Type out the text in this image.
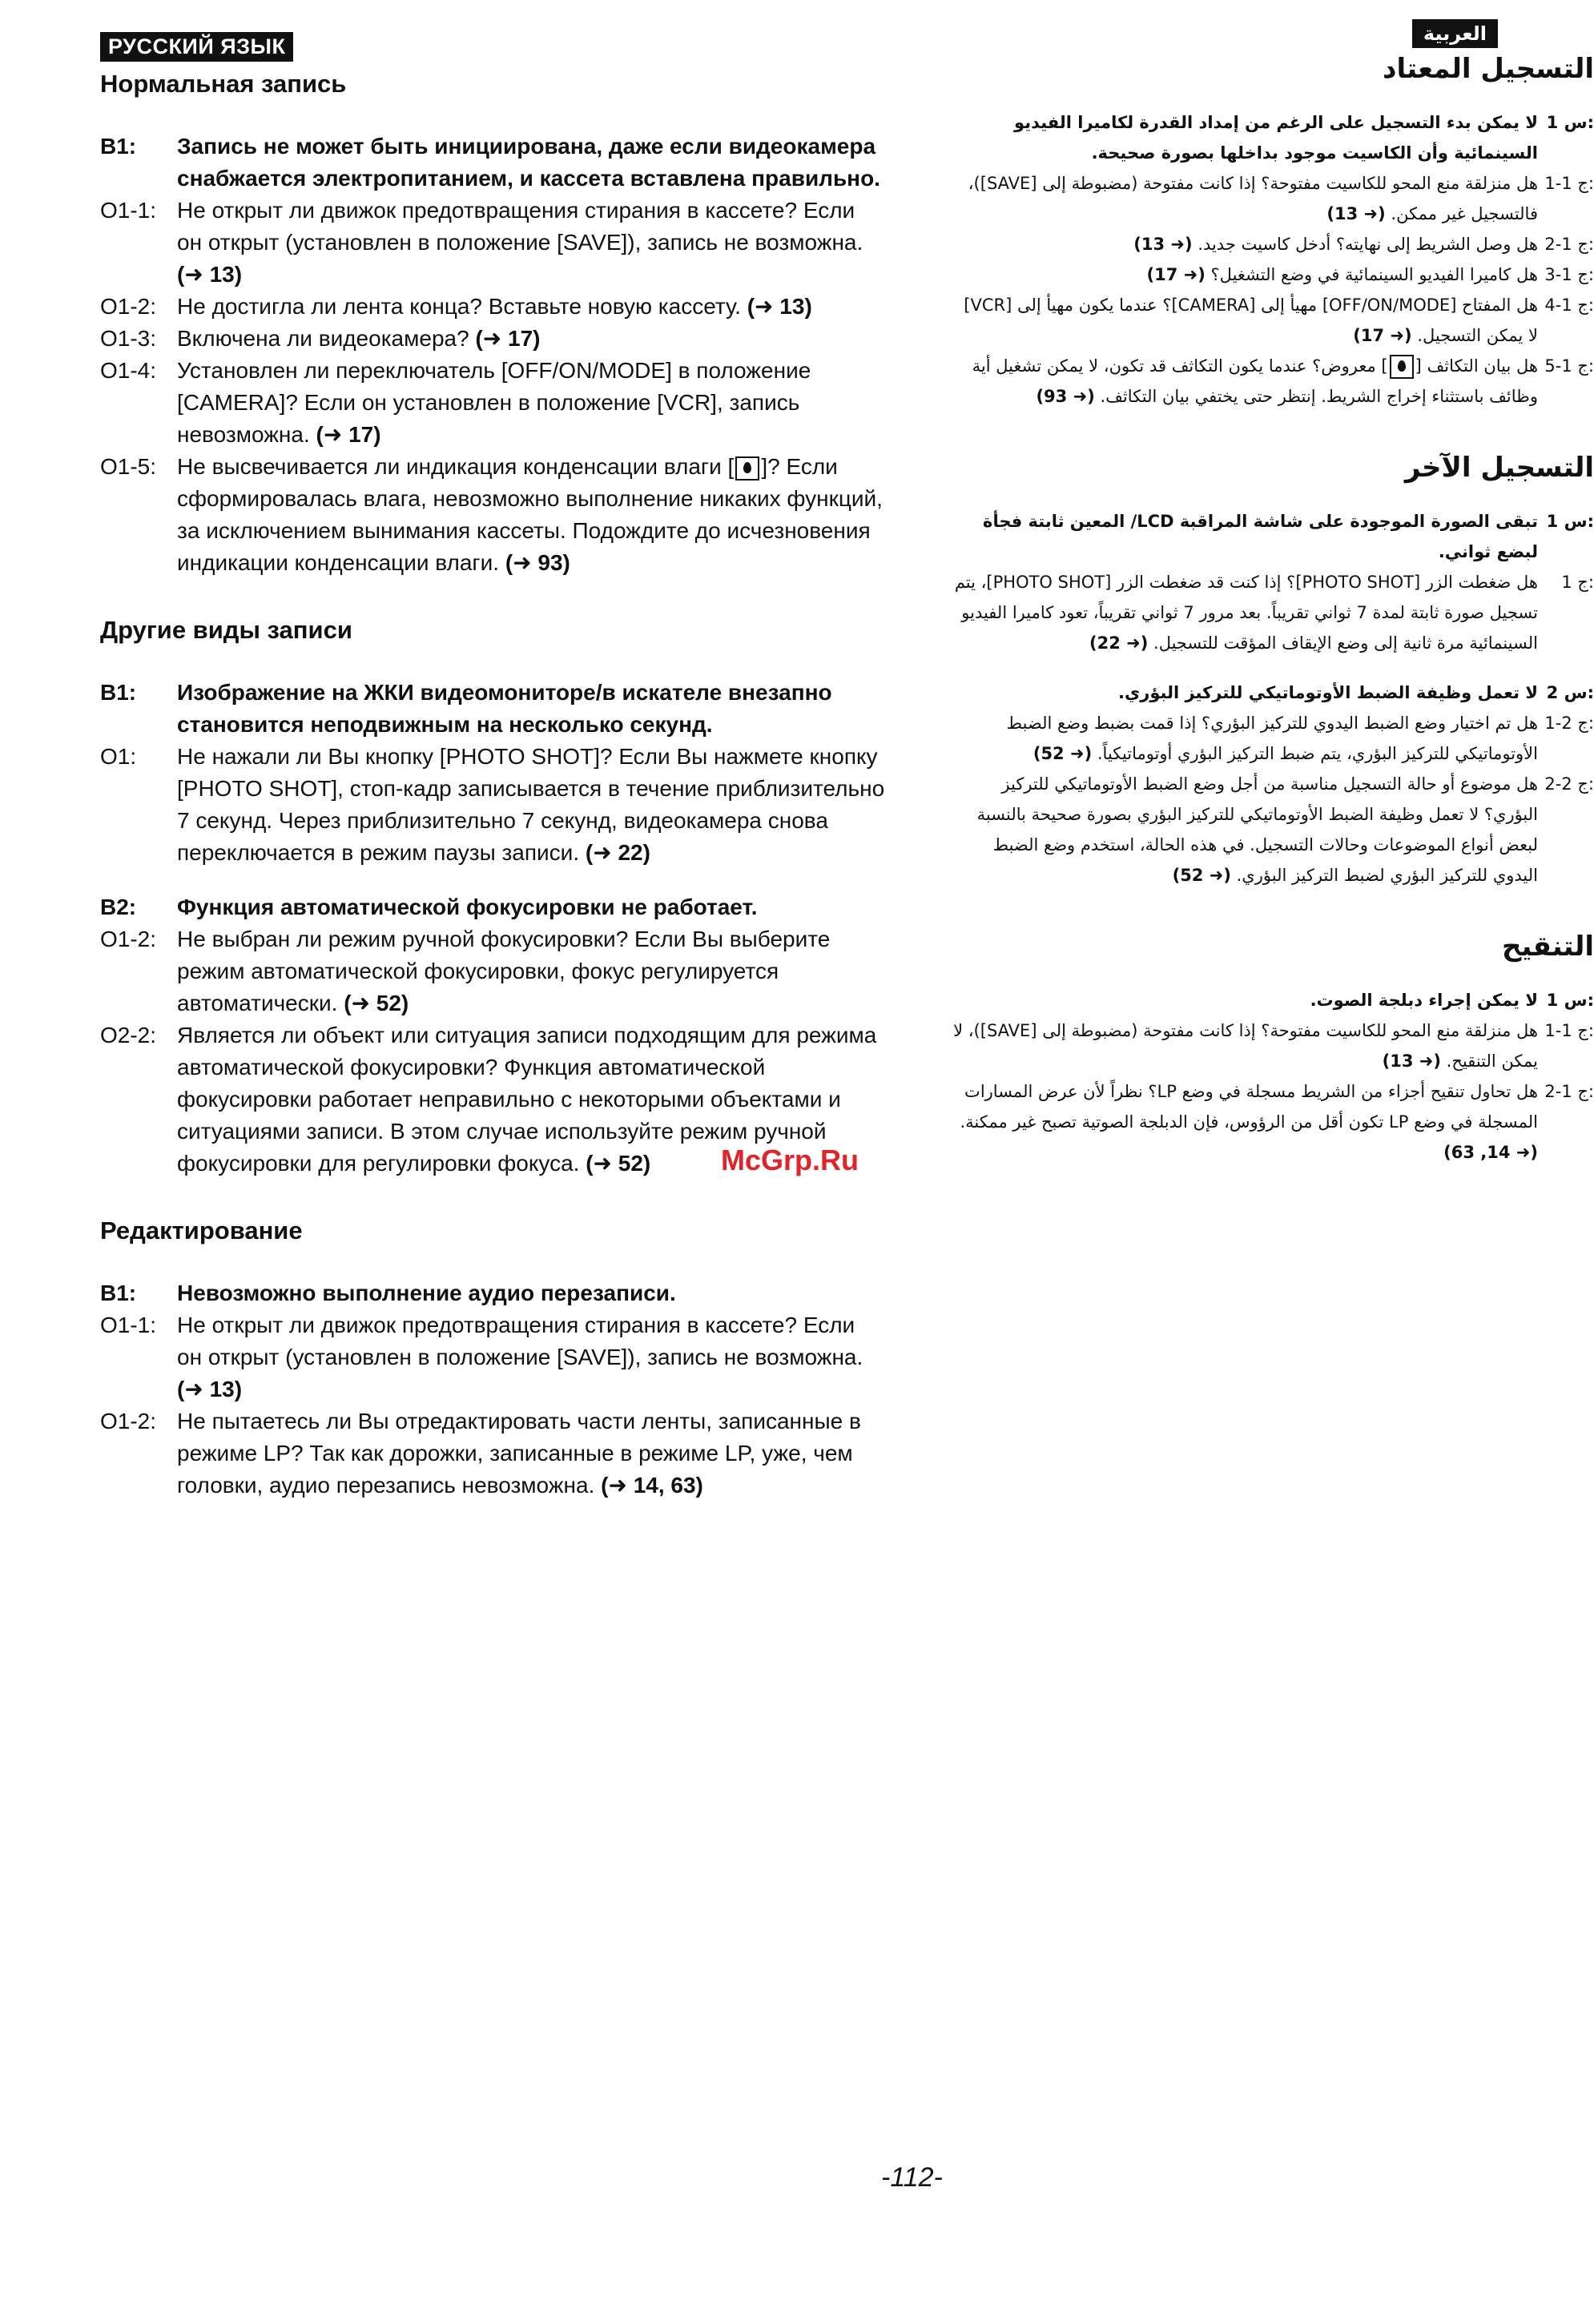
РУССКИЙ ЯЗЫК
Нормальная запись
В1:	Запись не может быть инициирована, даже если видеокамера снабжается электропитанием, и кассета вставлена правильно.
О1-1: Не открыт ли движок предотвращения стирания в кассете? Если он открыт (установлен в положение [SAVE]), запись не возможна. (➜ 13)
О1-2: Не достигла ли лента конца? Вставьте новую кассету. (➜ 13)
О1-3: Включена ли видеокамера? (➜ 17)
О1-4: Установлен ли переключатель [OFF/ON/MODE] в положение [CAMERA]? Если он установлен в положение [VCR], запись невозможна. (➜ 17)
О1-5: Не высвечивается ли индикация конденсации влаги [ ]? Если сформировалась влага, невозможно выполнение никаких функций, за исключением вынимания кассеты. Подождите до исчезновения индикации конденсации влаги. (➜ 93)
Другие виды записи
В1:	Изображение на ЖКИ видеомониторе/в искателе внезапно становится неподвижным на несколько секунд.
О1:	Не нажали ли Вы кнопку [PHOTO SHOT]? Если Вы нажмете кнопку [PHOTO SHOT], стоп-кадр записывается в течение приблизительно 7 секунд. Через приблизительно 7 секунд, видеокамера снова переключается в режим паузы записи. (➜ 22)
В2:	Функция автоматической фокусировки не работает.
О1-2: Не выбран ли режим ручной фокусировки? Если Вы выберите режим автоматической фокусировки, фокус регулируется автоматически. (➜ 52)
О2-2: Является ли объект или ситуация записи подходящим для режима автоматической фокусировки? Функция автоматической фокусировки работает неправильно с некоторыми объектами и ситуациями записи. В этом случае используйте режим ручной фокусировки для регулировки фокуса. (➜ 52)
Редактирование
В1:	Невозможно выполнение аудио перезаписи.
О1-1: Не открыт ли движок предотвращения стирания в кассете? Если он открыт (установлен в положение [SAVE]), запись не возможна. (➜ 13)
О1-2: Не пытаетесь ли Вы отредактировать части ленты, записанные в режиме LP? Так как дорожки, записанные в режиме LP, уже, чем головки, аудио перезапись невозможна. (➜ 14, 63)
العربية
التسجيل المعتاد
س 1:
لا يمكن بدء التسجيل على الرغم من إمداد القدرة لكاميرا الفيديو السينمائية وأن الكاسيت موجود بداخلها بصورة صحيحة.
ج 1-1:
هل منزلقة منع المحو للكاسيت مفتوحة؟ إذا كانت مفتوحة (مضبوطة إلى [SAVE])، فالتسجيل غير ممكن. (➜ 13)
ج 1-2:
هل وصل الشريط إلى نهايته؟ أدخل كاسيت جديد. (➜ 13)
ج 1-3:
هل كاميرا الفيديو السينمائية في وضع التشغيل؟ (➜ 17)
ج 1-4:
هل المفتاح [OFF/ON/MODE] مهيأ إلى [CAMERA]؟ عندما يكون مهيأ إلى [VCR] لا يمكن التسجيل. (➜ 17)
ج 1-5:
هل بيان التكاثف [] معروض؟ عندما يكون التكاثف قد تكون، لا يمكن تشغيل أية وظائف باستثناء إخراج الشريط. إنتظر حتى يختفي بيان التكاثف. (➜ 93)
التسجيل الآخر
س 1:
تبقى الصورة الموجودة على شاشة المراقبة LCD/ المعين ثابتة فجأة لبضع ثواني.
ج 1:
هل ضغطت الزر [PHOTO SHOT]؟ إذا كنت قد ضغطت الزر [PHOTO SHOT]، يتم تسجيل صورة ثابتة لمدة 7 ثواني تقريباً. بعد مرور 7 ثواني تقريباً، تعود كاميرا الفيديو السينمائية مرة ثانية إلى وضع الإيقاف المؤقت للتسجيل. (➜ 22)
س 2:
لا تعمل وظيفة الضبط الأوتوماتيكي للتركيز البؤري.
ج 2-1:
هل تم اختيار وضع الضبط اليدوي للتركيز البؤري؟ إذا قمت بضبط وضع الضبط الأوتوماتيكي للتركيز البؤري، يتم ضبط التركيز البؤري أوتوماتيكياً. (➜ 52)
ج 2-2:
هل موضوع أو حالة التسجيل مناسبة من أجل وضع الضبط الأوتوماتيكي للتركيز البؤري؟ لا تعمل وظيفة الضبط الأوتوماتيكي للتركيز البؤري بصورة صحيحة بالنسبة لبعض أنواع الموضوعات وحالات التسجيل. في هذه الحالة، استخدم وضع الضبط اليدوي للتركيز البؤري لضبط التركيز البؤري. (➜ 52)
التنقيح
س 1:
لا يمكن إجراء دبلجة الصوت.
ج 1-1:
هل منزلقة منع المحو للكاسيت مفتوحة؟ إذا كانت مفتوحة (مضبوطة إلى [SAVE])، لا يمكن التنقيح. (➜ 13)
ج 1-2:
هل تحاول تنقيح أجزاء من الشريط مسجلة في وضع LP؟ نظراً لأن عرض المسارات المسجلة في وضع LP تكون أقل من الرؤوس، فإن الدبلجة الصوتية تصبح غير ممكنة. (➜ 14, 63)
McGrp.Ru
-112-
